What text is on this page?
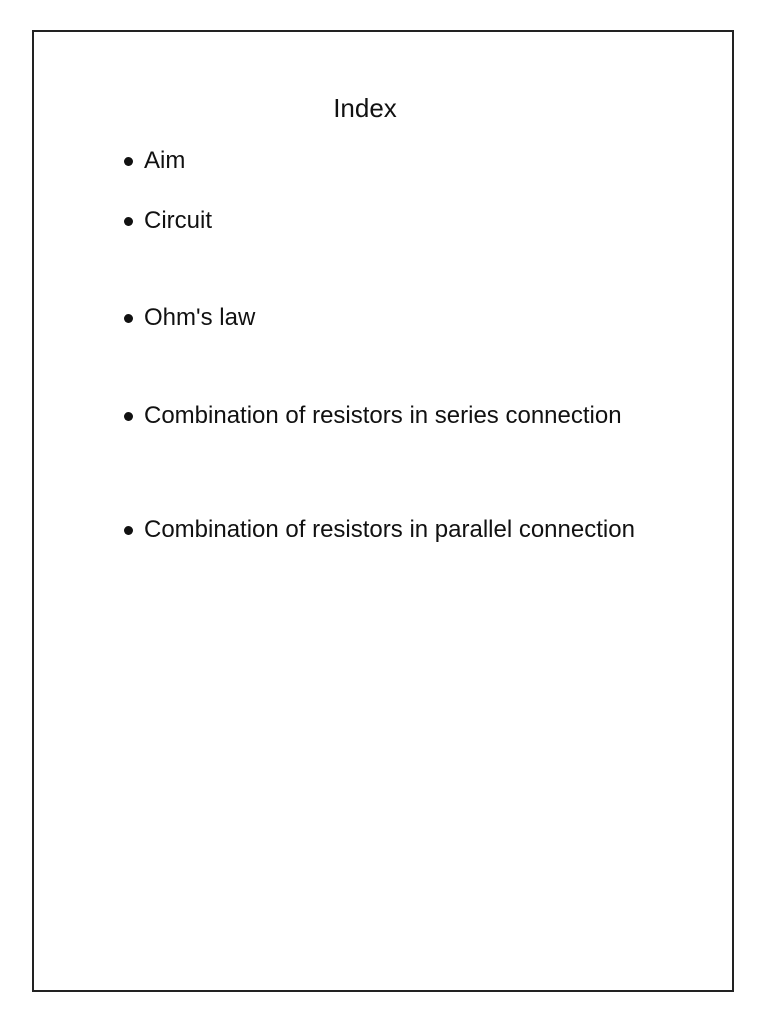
Index
Aim
Circuit
Ohm's law
Combination of resistors in series connection
Combination of resistors in parallel connection
